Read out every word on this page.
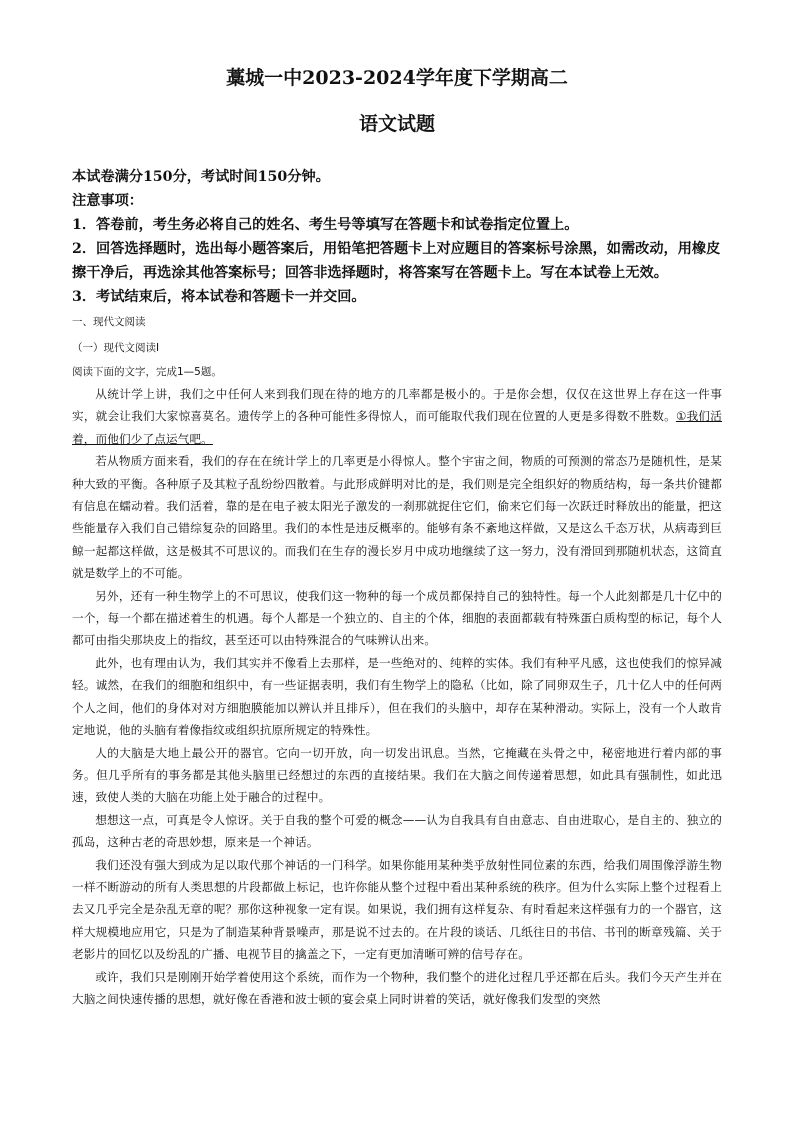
藁城一中2023-2024学年度下学期高二
语文试题

本试卷满分150分，考试时间150分钟。

注意事项：

1．答卷前，考生务必将自己的姓名、考生号等填写在答题卡和试卷指定位置上。

2．回答选择题时，选出每小题答案后，用铅笔把答题卡上对应题目的答案标号涂黑，如需改动，用橡皮擦干净后，再选涂其他答案标号；回答非选择题时，将答案写在答题卡上。写在本试卷上无效。

3．考试结束后，将本试卷和答题卡一并交回。

一、现代文阅读

（一）现代文阅读Ⅰ

阅读下面的文字，完成1—5题。

从统计学上讲，我们之中任何人来到我们现在待的地方的几率都是极小的。于是你会想，仅仅在这世界上存在这一件事实，就会让我们大家惊喜莫名。遗传学上的各种可能性多得惊人，而可能取代我们现在位置的人更是多得数不胜数。①我们活着，而他们少了点运气吧。

若从物质方面来看，我们的存在在统计学上的几率更是小得惊人。整个宇宙之间，物质的可预测的常态乃是随机性，是某种大致的平衡。各种原子及其粒子乱纷纷四散着。与此形成鲜明对比的是，我们则是完全组织好的物质结构，每一条共价键都有信息在蠕动着。我们活着，靠的是在电子被太阳光子激发的一刹那就捉住它们，偷来它们每一次跃迁时释放出的能量，把这些能量存入我们自己错综复杂的回路里。我们的本性是违反概率的。能够有条不紊地这样做，又是这么千态万状，从病毒到巨鲸一起都这样做，这是极其不可思议的。而我们在生存的漫长岁月中成功地继续了这一努力，没有滑回到那随机状态，这简直就是数学上的不可能。

另外，还有一种生物学上的不可思议，使我们这一物种的每一个成员都保持自己的独特性。每一个人此刻都是几十亿中的一个，每一个都在描述着生的机遇。每个人都是一个独立的、自主的个体，细胞的表面都载有特殊蛋白质构型的标记，每个人都可由指尖那块皮上的指纹，甚至还可以由特殊混合的气味辨认出来。

此外，也有理由认为，我们其实并不像看上去那样，是一些绝对的、纯粹的实体。我们有种平凡感，这也使我们的惊异减轻。诚然，在我们的细胞和组织中，有一些证据表明，我们有生物学上的隐私（比如，除了同卵双生子，几十亿人中的任何两个人之间，他们的身体对对方细胞膜能加以辨认并且排斥），但在我们的头脑中，却存在某种滑动。实际上，没有一个人敢肯定地说，他的头脑有着像指纹或组织抗原所规定的特殊性。

人的大脑是大地上最公开的器官。它向一切开放，向一切发出讯息。当然，它掩藏在头骨之中，秘密地进行着内部的事务。但几乎所有的事务都是其他头脑里已经想过的东西的直接结果。我们在大脑之间传递着思想，如此具有强制性，如此迅速，致使人类的大脑在功能上处于融合的过程中。

想想这一点，可真是令人惊讶。关于自我的整个可爱的概念——认为自我具有自由意志、自由进取心，是自主的、独立的孤岛，这种古老的奇思妙想，原来是一个神话。

我们还没有强大到成为足以取代那个神话的一门科学。如果你能用某种类乎放射性同位素的东西，给我们周围像浮游生物一样不断游动的所有人类思想的片段都做上标记，也许你能从整个过程中看出某种系统的秩序。但为什么实际上整个过程看上去又几乎完全是杂乱无章的呢？那你这种视象一定有误。如果说，我们拥有这样复杂、有时看起来这样强有力的一个器官，这样大规模地应用它，只是为了制造某种背景噪声，那是说不过去的。在片段的谈话、几纸往日的书信、书刊的断章残篇、关于老影片的回忆以及纷乱的广播、电视节目的擒盖之下，一定有更加清晰可辨的信号存在。

或许，我们只是刚刚开始学着使用这个系统，而作为一个物种，我们整个的进化过程几乎还都在后头。我们今天产生并在大脑之间快速传播的思想，就好像在香港和波士顿的宴会桌上同时讲着的笑话，就好像我们发型的突然
